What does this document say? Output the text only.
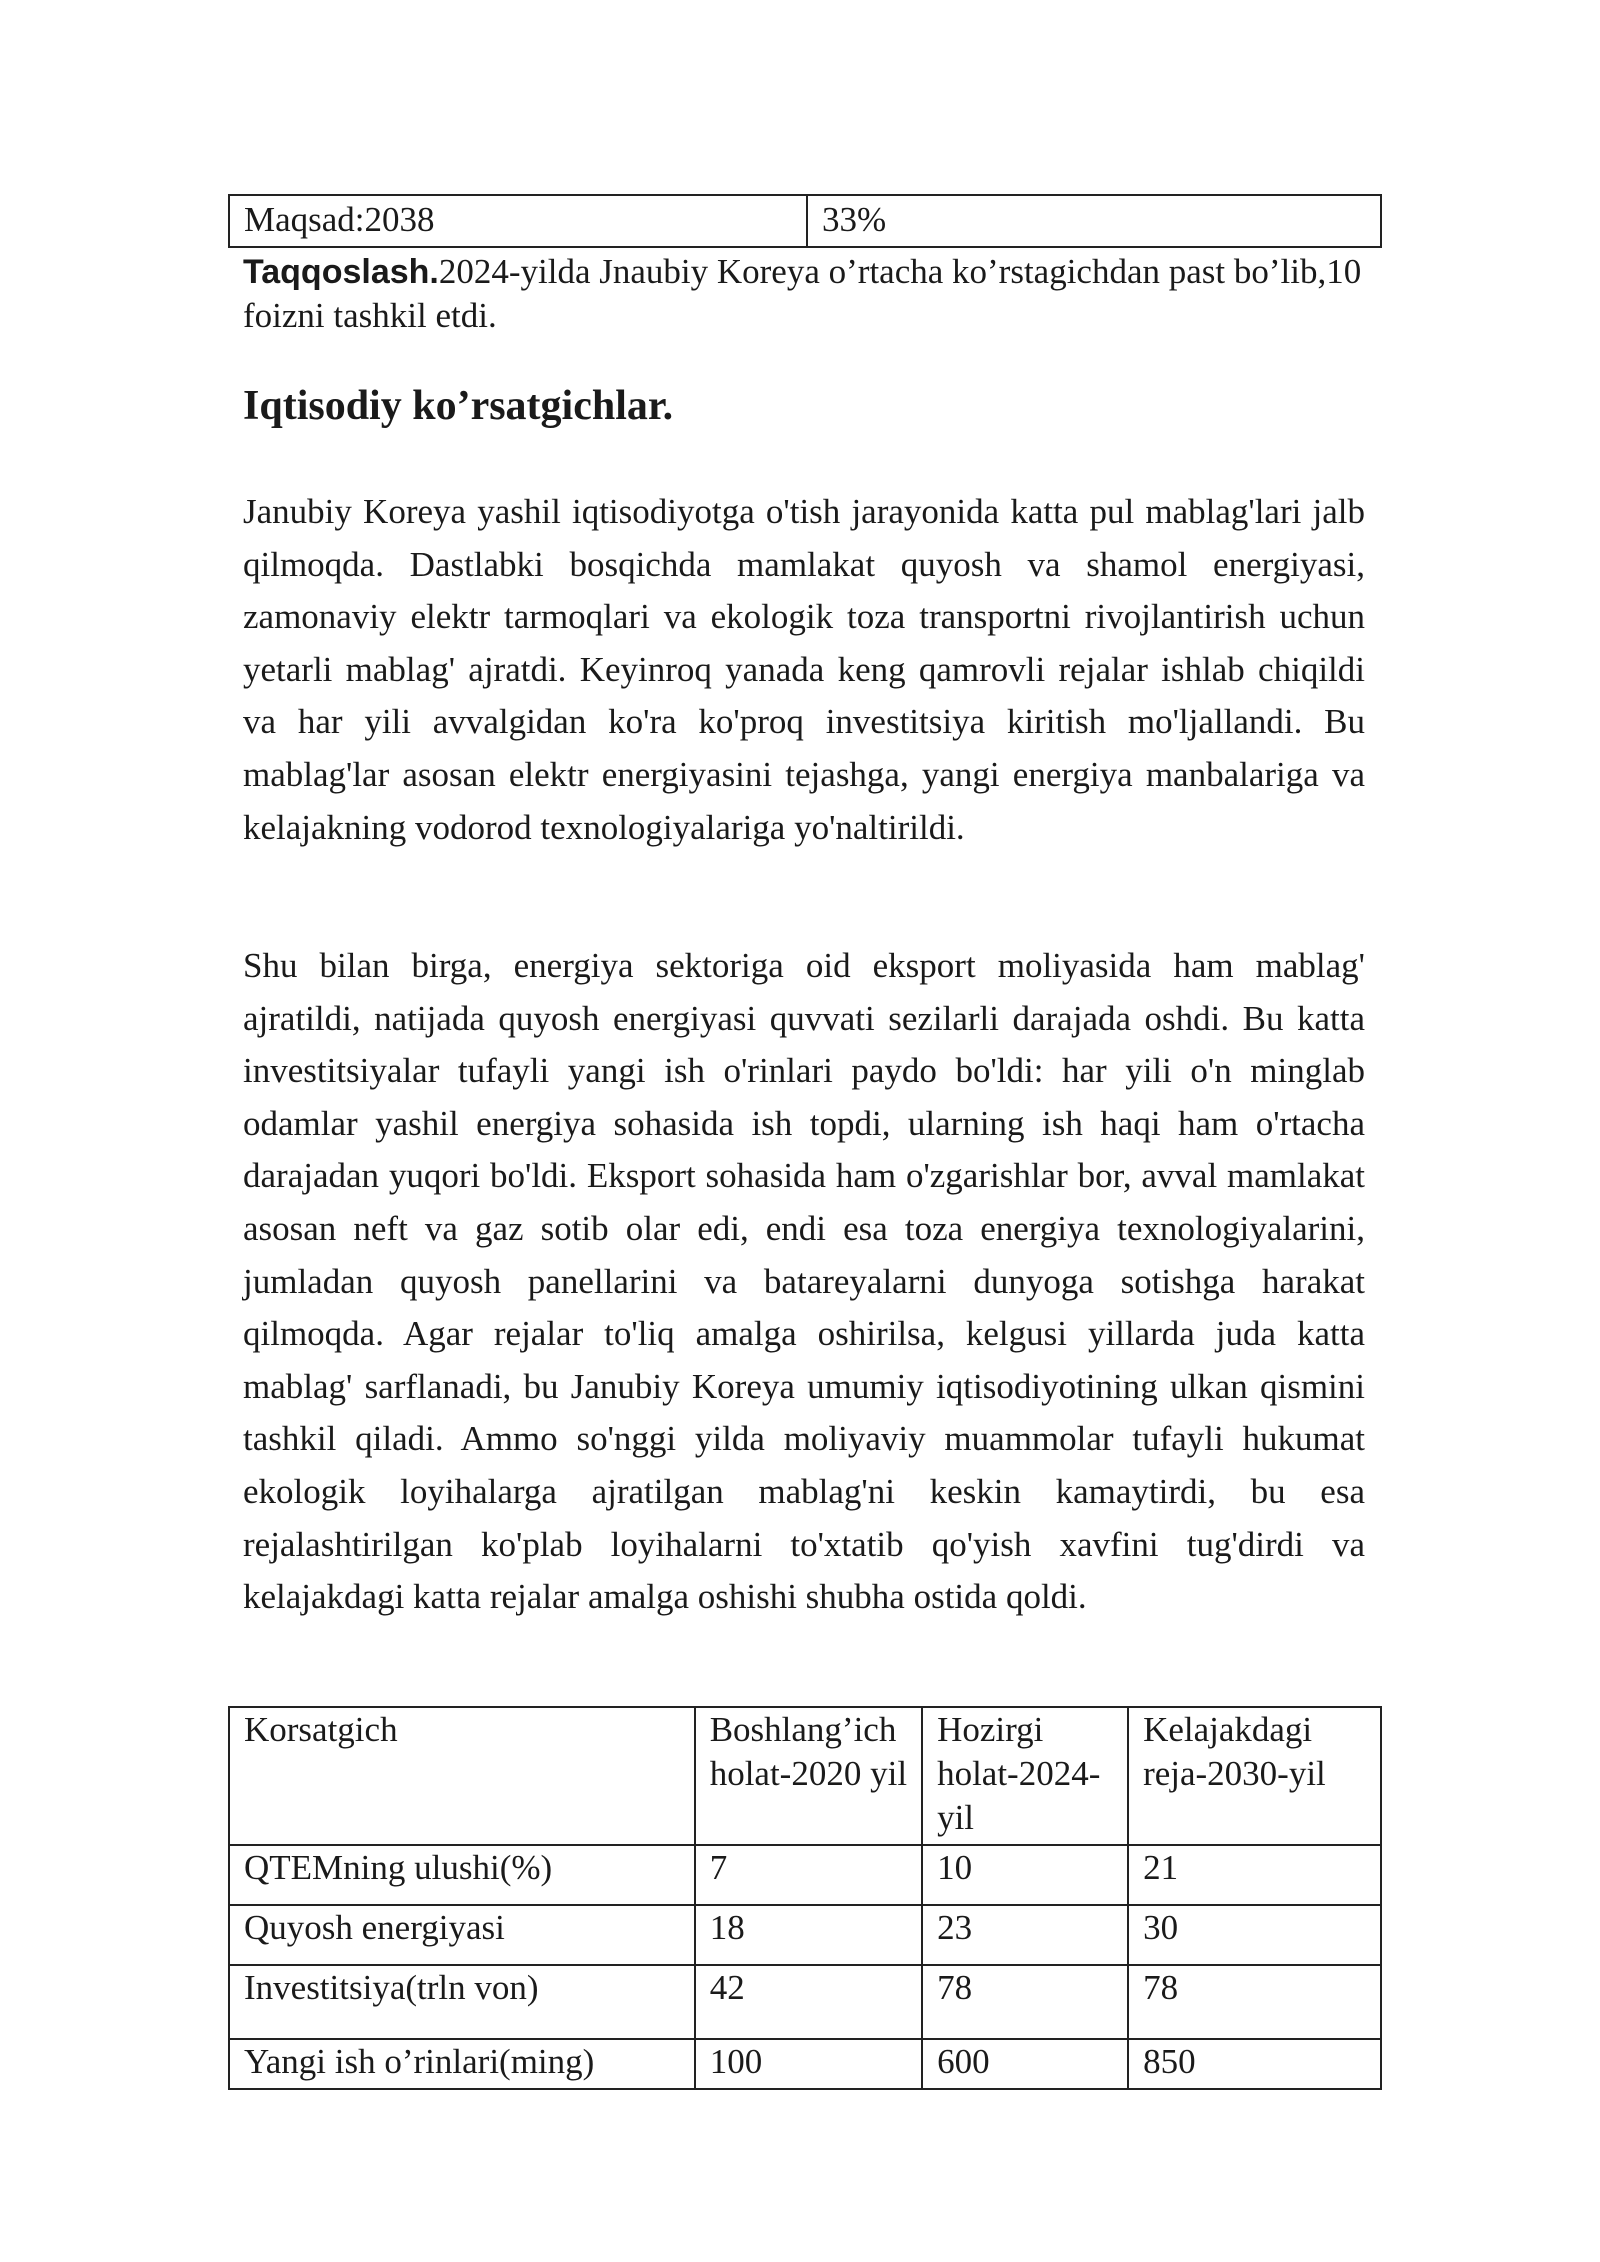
Maqsad:2038	33%
Taqqoslash.2024-yilda Jnaubiy Koreya o’rtacha ko’rstagichdan past bo’lib,10 foizni tashkil etdi.
Iqtisodiy ko’rsatgichlar.

Janubiy Koreya yashil iqtisodiyotga o'tish jarayonida katta pul mablag'lari jalb qilmoqda. Dastlabki bosqichda mamlakat quyosh va shamol energiyasi, zamonaviy elektr tarmoqlari va ekologik toza transportni rivojlantirish uchun yetarli mablag' ajratdi. Keyinroq yanada keng qamrovli rejalar ishlab chiqildi va har yili avvalgidan ko'ra ko'proq investitsiya kiritish mo'ljallandi. Bu mablag'lar asosan elektr energiyasini tejashga, yangi energiya manbalariga va kelajakning vodorod texnologiyalariga yo'naltirildi.

Shu bilan birga, energiya sektoriga oid eksport moliyasida ham mablag' ajratildi, natijada quyosh energiyasi quvvati sezilarli darajada oshdi. Bu katta investitsiyalar tufayli yangi ish o'rinlari paydo bo'ldi: har yili o'n minglab odamlar yashil energiya sohasida ish topdi, ularning ish haqi ham o'rtacha darajadan yuqori bo'ldi. Eksport sohasida ham o'zgarishlar bor, avval mamlakat asosan neft va gaz sotib olar edi, endi esa toza energiya texnologiyalarini, jumladan quyosh panellarini va batareyalarni dunyoga sotishga harakat qilmoqda. Agar rejalar to'liq amalga oshirilsa, kelgusi yillarda juda katta mablag' sarflanadi, bu Janubiy Koreya umumiy iqtisodiyotining ulkan qismini tashkil qiladi. Ammo so'nggi yilda moliyaviy muammolar tufayli hukumat ekologik loyihalarga ajratilgan mablag'ni keskin kamaytirdi, bu esa rejalashtirilgan ko'plab loyihalarni to'xtatib qo'yish xavfini tug'dirdi va kelajakdagi katta rejalar amalga oshishi shubha ostida qoldi.

Korsatgich	Boshlang’ich holat-2020 yil	Hozirgi holat-2024-yil	Kelajakdagi reja-2030-yil
QTEMning ulushi(%)	7	10	21
Quyosh energiyasi	18	23	30
Investitsiya(trln von)	42	78	78
Yangi ish o’rinlari(ming)	100	600	850
